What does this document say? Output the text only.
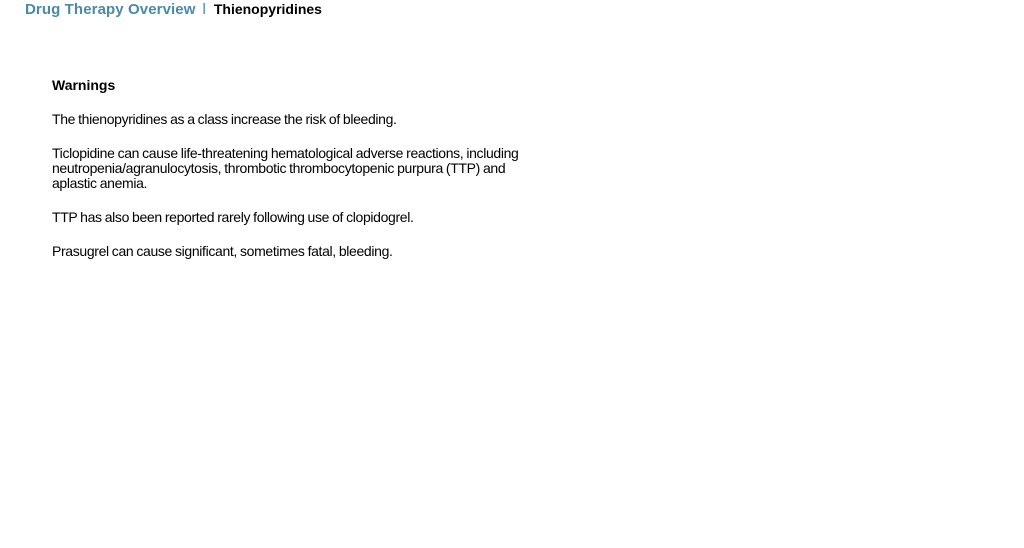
Drug Therapy Overview l Thienopyridines
Warnings

The thienopyridines as a class increase the risk of bleeding.

Ticlopidine can cause life-threatening hematological adverse reactions, including neutropenia/agranulocytosis, thrombotic thrombocytopenic purpura (TTP) and aplastic anemia.

TTP has also been reported rarely following use of clopidogrel.

Prasugrel can cause significant, sometimes fatal, bleeding.
